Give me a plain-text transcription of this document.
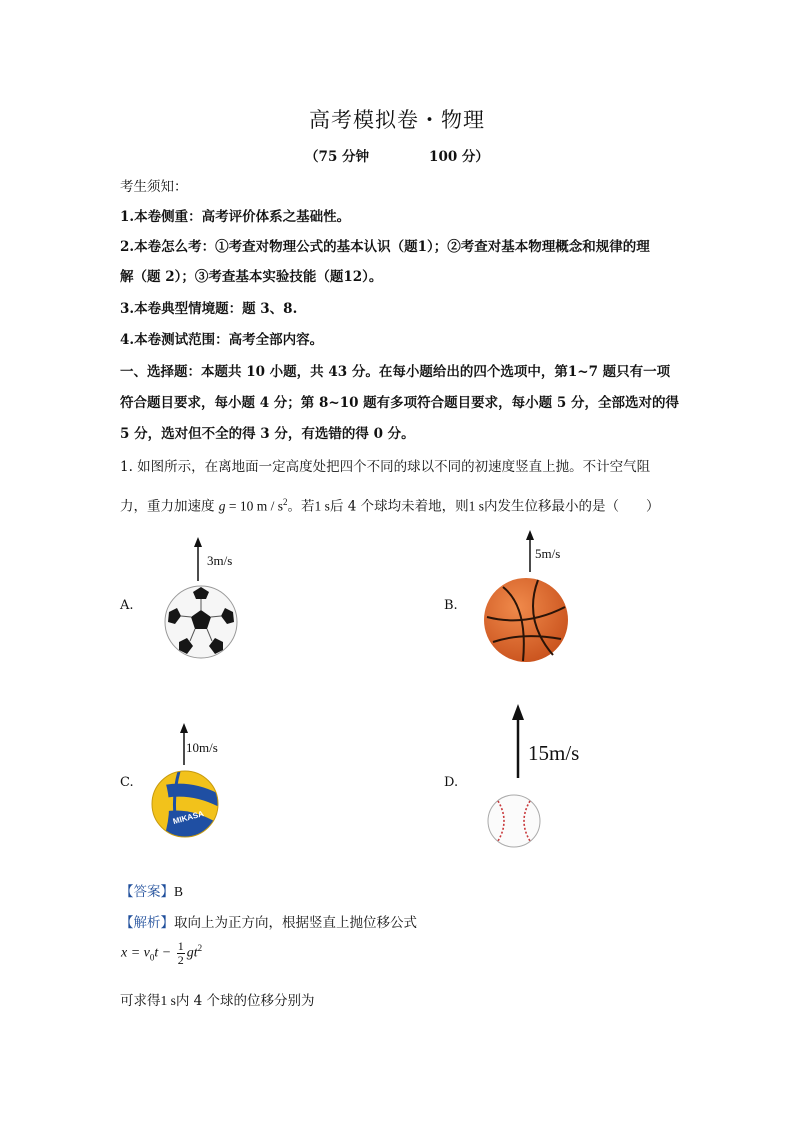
高考模拟卷・物理
（75 分钟	100 分）
考生须知：
1.本卷侧重：高考评价体系之基础性。
2.本卷怎么考：①考查对物理公式的基本认识（题1）；②考查对基本物理概念和规律的理
解（题 2）；③考查基本实验技能（题12）。
3.本卷典型情境题：题 3、8.
4.本卷测试范围：高考全部内容。
一、选择题：本题共 10 小题，共 43 分。在每小题给出的四个选项中，第1~7 题只有一项
符合题目要求，每小题 4 分；第 8~10 题有多项符合题目要求，每小题 5 分，全部选对的得
5 分，选对但不全的得 3 分，有选错的得 0 分。
1. 如图所示，在离地面一定高度处把四个不同的球以不同的初速度竖直上抛。不计空气阻
力，重力加速度 g = 10 m / $s^2$。若1 s后 4 个球均未着地，则1 s内发生位移最小的是（　　）
A.
3m/s
B.
5m/s
C.
10m/s
MIKASA
D.
15m/s
【答案】B
【解析】取向上为正方向，根据竖直上抛位移公式
$x = v_0t - \frac{1}{2} gt^2$
可求得1 s内 4 个球的位移分别为
